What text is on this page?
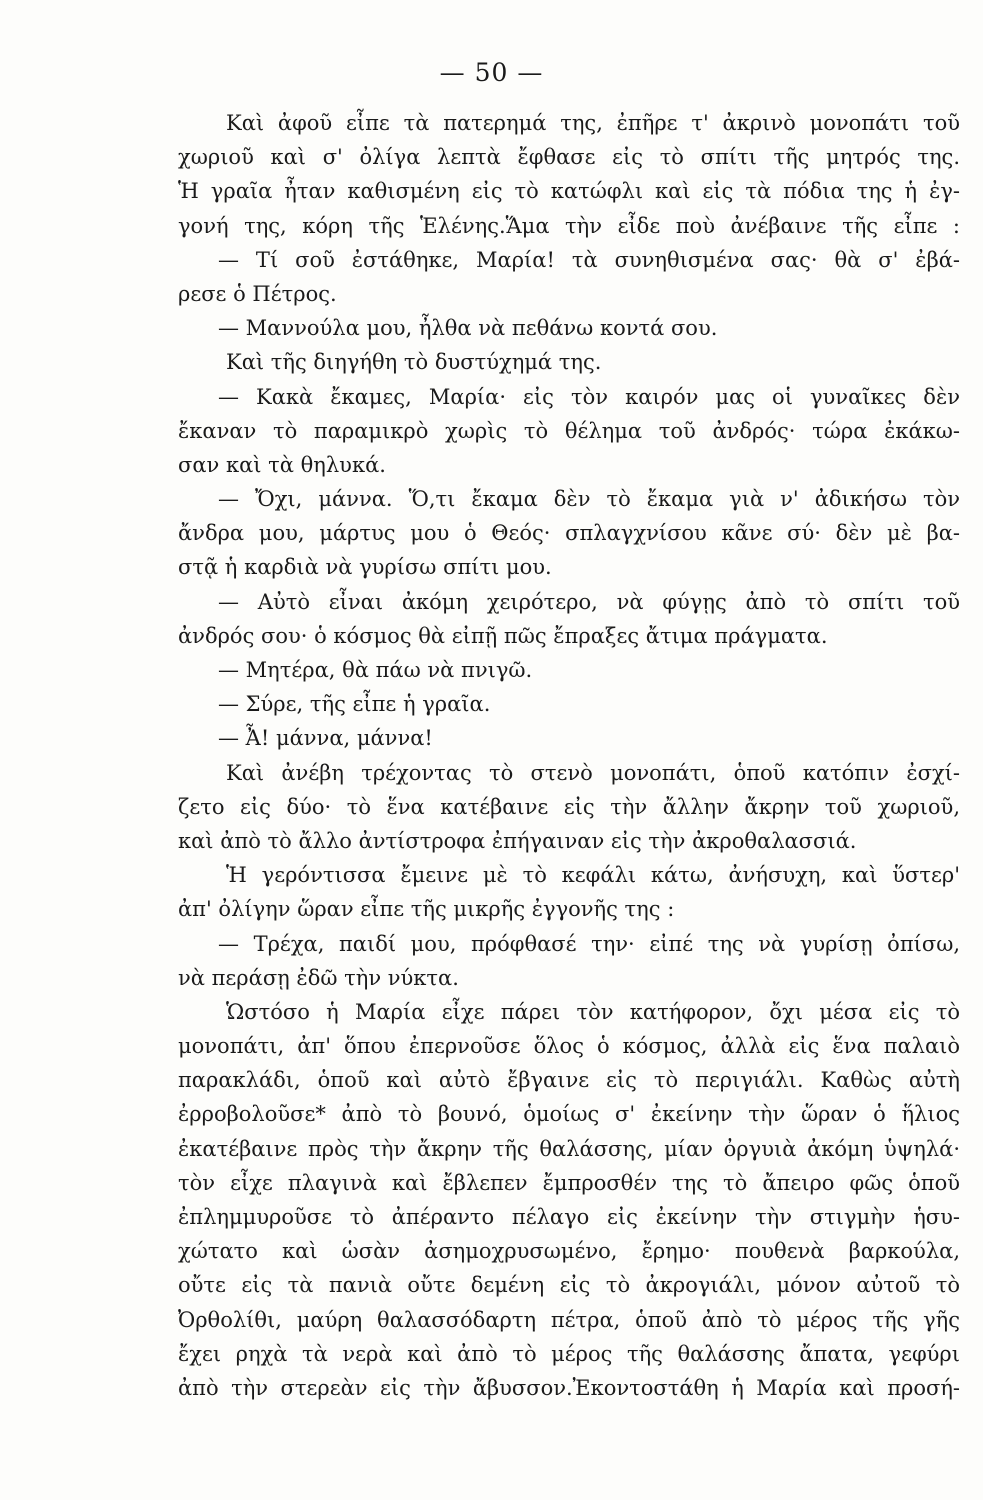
— 50 —
Καὶ ἀφοῦ εἶπε τὰ πατερημά της, ἐπῆρε τ' ἀκρινὸ μονοπάτι τοῦ
χωριοῦ καὶ σ' ὀλίγα λεπτὰ ἔφθασε εἰς τὸ σπίτι τῆς μητρός της.
Ἡ γραῖα ἦταν καθισμένη εἰς τὸ κατώφλι καὶ εἰς τὰ πόδια της ἡ ἐγ-
γονή της, κόρη τῆς Ἑλένης.Ἅμα τὴν εἶδε ποὺ ἀνέβαινε τῆς εἶπε :
— Τί σοῦ ἐστάθηκε, Μαρία! τὰ συνηθισμένα σας· θὰ σ' ἐβά-
ρεσε ὁ Πέτρος.
— Μαννούλα μου, ἦλθα νὰ πεθάνω κοντά σου.
Καὶ τῆς διηγήθη τὸ δυστύχημά της.
— Κακὰ ἔκαμες, Μαρία· εἰς τὸν καιρόν μας οἱ γυναῖκες δὲν
ἔκαναν τὸ παραμικρὸ χωρὶς τὸ θέλημα τοῦ ἀνδρός· τώρα ἐκάκω-
σαν καὶ τὰ θηλυκά.
— Ὄχι, μάννα. Ὅ,τι ἔκαμα δὲν τὸ ἔκαμα γιὰ ν' ἀδικήσω τὸν
ἄνδρα μου, μάρτυς μου ὁ Θεός· σπλαγχνίσου κᾶνε σύ· δὲν μὲ βα-
στᾷ ἡ καρδιὰ νὰ γυρίσω σπίτι μου.
— Αὐτὸ εἶναι ἀκόμη χειρότερο, νὰ φύγῃς ἀπὸ τὸ σπίτι τοῦ
ἀνδρός σου· ὁ κόσμος θὰ εἰπῇ πῶς ἔπραξες ἄτιμα πράγματα.
— Μητέρα, θὰ πάω νὰ πνιγῶ.
— Σύρε, τῆς εἶπε ἡ γραῖα.
— Ἆ! μάννα, μάννα!
Καὶ ἀνέβη τρέχοντας τὸ στενὸ μονοπάτι, ὁποῦ κατόπιν ἐσχί-
ζετο εἰς δύο· τὸ ἕνα κατέβαινε εἰς τὴν ἄλλην ἄκρην τοῦ χωριοῦ,
καὶ ἀπὸ τὸ ἄλλο ἀντίστροφα ἐπήγαιναν εἰς τὴν ἀκροθαλασσιά.
Ἡ γερόντισσα ἔμεινε μὲ τὸ κεφάλι κάτω, ἀνήσυχη, καὶ ὕστερ'
ἀπ' ὀλίγην ὥραν εἶπε τῆς μικρῆς ἐγγονῆς της :
— Τρέχα, παιδί μου, πρόφθασέ την· εἰπέ της νὰ γυρίσῃ ὀπίσω,
νὰ περάσῃ ἐδῶ τὴν νύκτα.
Ὡστόσο ἡ Μαρία εἶχε πάρει τὸν κατήφορον, ὄχι μέσα εἰς τὸ
μονοπάτι, ἀπ' ὅπου ἐπερνοῦσε ὅλος ὁ κόσμος, ἀλλὰ εἰς ἕνα παλαιὸ
παρακλάδι, ὁποῦ καὶ αὐτὸ ἔβγαινε εἰς τὸ περιγιάλι. Καθὼς αὐτὴ
ἐρροβολοῦσε* ἀπὸ τὸ βουνό, ὁμοίως σ' ἐκείνην τὴν ὥραν ὁ ἥλιος
ἐκατέβαινε πρὸς τὴν ἄκρην τῆς θαλάσσης, μίαν ὀργυιὰ ἀκόμη ὑψηλά·
τὸν εἶχε πλαγινὰ καὶ ἔβλεπεν ἔμπροσθέν της τὸ ἄπειρο φῶς ὁποῦ
ἐπλημμυροῦσε τὸ ἀπέραντο πέλαγο εἰς ἐκείνην τὴν στιγμὴν ἡσυ-
χώτατο καὶ ὡσὰν ἀσημοχρυσωμένο, ἔρημο· πουθενὰ βαρκούλα,
οὔτε εἰς τὰ πανιὰ οὔτε δεμένη εἰς τὸ ἀκρογιάλι, μόνον αὐτοῦ τὸ
Ὀρθολίθι, μαύρη θαλασσόδαρτη πέτρα, ὁποῦ ἀπὸ τὸ μέρος τῆς γῆς
ἔχει ρηχὰ τὰ νερὰ καὶ ἀπὸ τὸ μέρος τῆς θαλάσσης ἄπατα, γεφύρι
ἀπὸ τὴν στερεὰν εἰς τὴν ἄβυσσον.Ἐκοντοστάθη ἡ Μαρία καὶ προσή-
